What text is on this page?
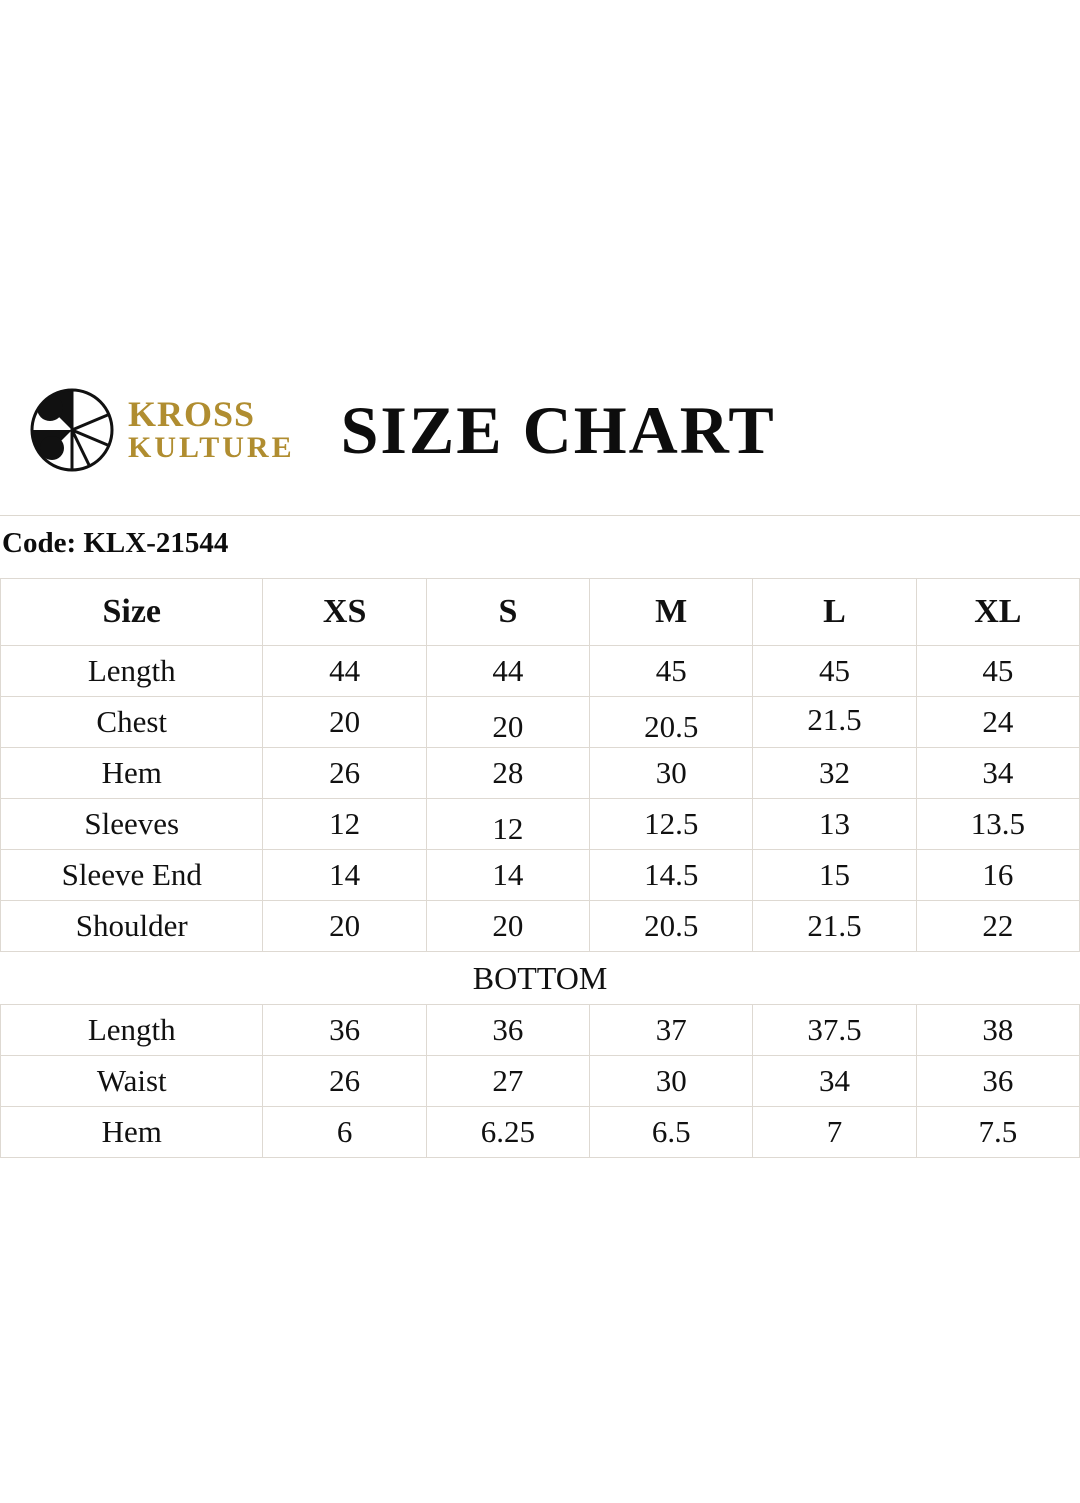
KROSS
KULTURE SIZE CHART
Code: KLX-21544
Size	XS	S	M	L	XL
Length	44	44	45	45	45
Chest	20	20	20.5	21.5	24
Hem	26	28	30	32	34
Sleeves	12	12	12.5	13	13.5
Sleeve End	14	14	14.5	15	16
Shoulder	20	20	20.5	21.5	22
BOTTOM					
Length	36	36	37	37.5	38
Waist	26	27	30	34	36
Hem	6	6.25	6.5	7	7.5
